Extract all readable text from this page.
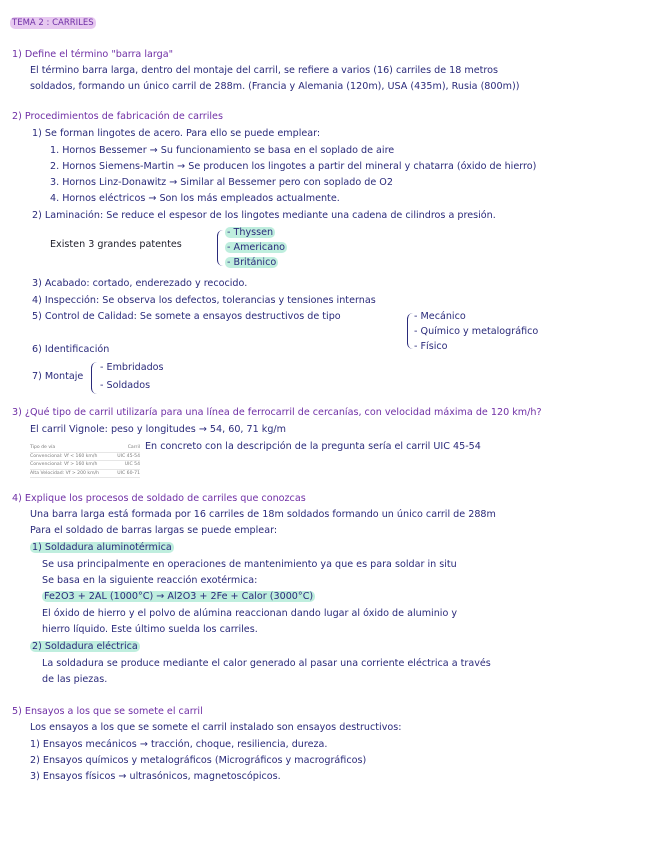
TEMA 2 : CARRILES
1) Define el término "barra larga"
El término barra larga, dentro del montaje del carril, se refiere a varios (16) carriles de 18 metros
soldados, formando un único carril de 288m. (Francia y Alemania (120m), USA (435m), Rusia (800m))
2) Procedimientos de fabricación de carriles
1) Se forman lingotes de acero. Para ello se puede emplear:
1. Hornos Bessemer → Su funcionamiento se basa en el soplado de aire
2. Hornos Siemens-Martin → Se producen los lingotes a partir del mineral y chatarra (óxido de hierro)
3. Hornos Linz-Donawitz → Similar al Bessemer pero con soplado de O2
4. Hornos eléctricos → Son los más empleados actualmente.
2) Laminación: Se reduce el espesor de los lingotes mediante una cadena de cilindros a presión.
Existen 3 grandes patentes
- Thyssen
- Americano
- Británico
3) Acabado: cortado, enderezado y recocido.
4) Inspección: Se observa los defectos, tolerancias y tensiones internas
5) Control de Calidad: Se somete a ensayos destructivos de tipo	- Mecánico
- Químico y metalográfico
- Físico
6) Identificación
7) Montaje
- Embridados
- Soldados
3) ¿Qué tipo de carril utilizaría para una línea de ferrocarril de cercanías, con velocidad máxima de 120 km/h?
El carril Vignole: peso y longitudes → 54, 60, 71 kg/m
En concreto con la descripción de la pregunta sería el carril UIC 45-54
Tipo de vía	Carril
Convencional: Vf < 160 km/h	UIC 45-54
Convencional: Vf > 160 km/h	UIC 54
Alta Velocidad: Vf > 200 km/h	UIC 60-71
4) Explique los procesos de soldado de carriles que conozcas
Una barra larga está formada por 16 carriles de 18m soldados formando un único carril de 288m
Para el soldado de barras largas se puede emplear:
1) Soldadura aluminotérmica
Se usa principalmente en operaciones de mantenimiento ya que es para soldar in situ
Se basa en la siguiente reacción exotérmica:
Fe2O3 + 2AL (1000°C) → Al2O3 + 2Fe + Calor (3000°C)
El óxido de hierro y el polvo de alúmina reaccionan dando lugar al óxido de aluminio y
hierro líquido. Este último suelda los carriles.
2) Soldadura eléctrica
La soldadura se produce mediante el calor generado al pasar una corriente eléctrica a través
de las piezas.
5) Ensayos a los que se somete el carril
Los ensayos a los que se somete el carril instalado son ensayos destructivos:
1) Ensayos mecánicos → tracción, choque, resiliencia, dureza.
2) Ensayos químicos y metalográficos (Micrográficos y macrográficos)
3) Ensayos físicos → ultrasónicos, magnetoscópicos.
